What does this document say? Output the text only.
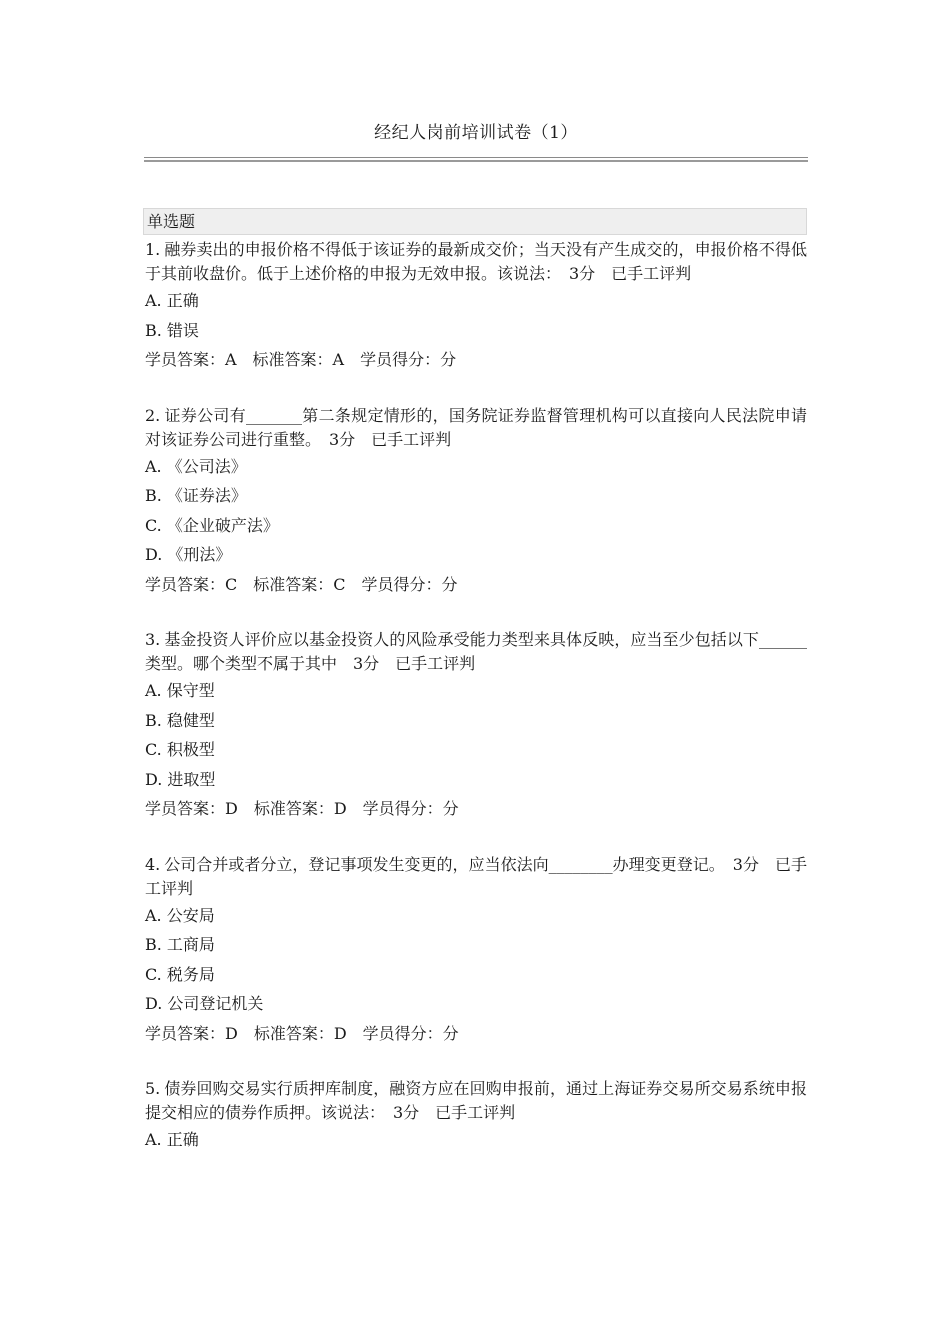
经纪人岗前培训试卷（1）
单选题

1. 融券卖出的申报价格不得低于该证券的最新成交价；当天没有产生成交的，申报价格不得低于其前收盘价。低于上述价格的申报为无效申报。该说法：　3分　已手工评判

A. 正确

B. 错误

学员答案：A　标准答案：A　学员得分：分

2. 证券公司有_______第二条规定情形的，国务院证券监督管理机构可以直接向人民法院申请对该证券公司进行重整。　3分　已手工评判

A. 《公司法》

B. 《证券法》

C. 《企业破产法》

D. 《刑法》

学员答案：C　标准答案：C　学员得分：分

3. 基金投资人评价应以基金投资人的风险承受能力类型来具体反映，应当至少包括以下______类型。哪个类型不属于其中　3分　已手工评判

A. 保守型

B. 稳健型

C. 积极型

D. 进取型

学员答案：D　标准答案：D　学员得分：分

4. 公司合并或者分立，登记事项发生变更的，应当依法向________办理变更登记。　3分　已手工评判

A. 公安局

B. 工商局

C. 税务局

D. 公司登记机关

学员答案：D　标准答案：D　学员得分：分

5. 债券回购交易实行质押库制度，融资方应在回购申报前，通过上海证券交易所交易系统申报提交相应的债券作质押。该说法：　3分　已手工评判

A. 正确
